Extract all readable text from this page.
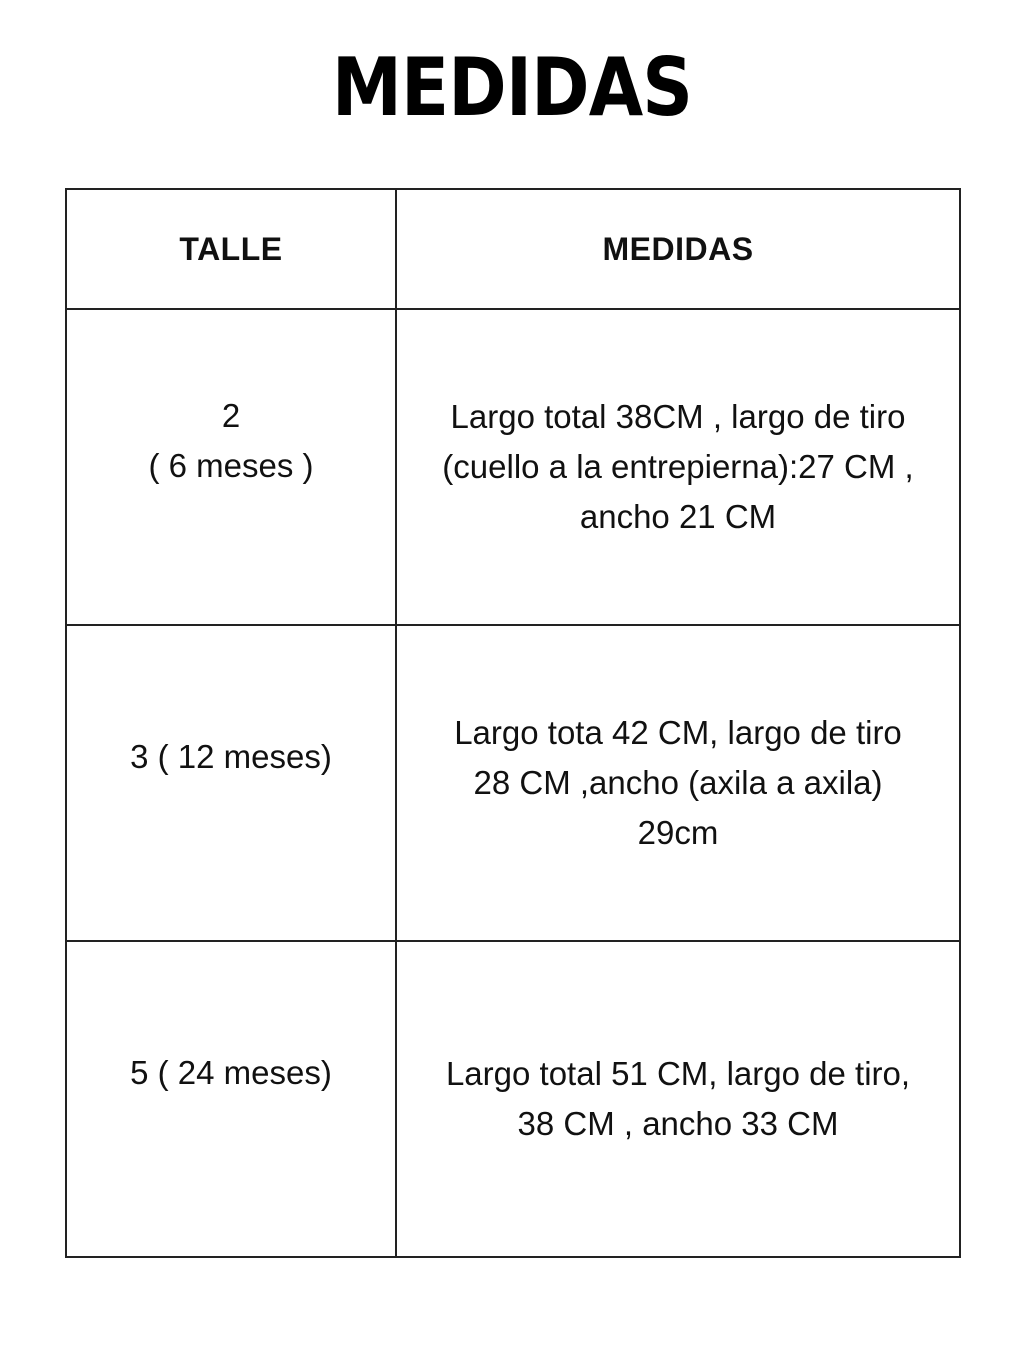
MEDIDAS
TALLE	MEDIDAS

2
( 6 meses )	Largo total 38CM , largo de tiro
(cuello a la entrepierna):27 CM ,
ancho 21 CM

3 ( 12 meses)	Largo tota 42 CM, largo de tiro
28 CM ,ancho (axila a axila)
29cm

5 ( 24 meses)	Largo total 51 CM, largo de tiro,
38 CM , ancho 33 CM
